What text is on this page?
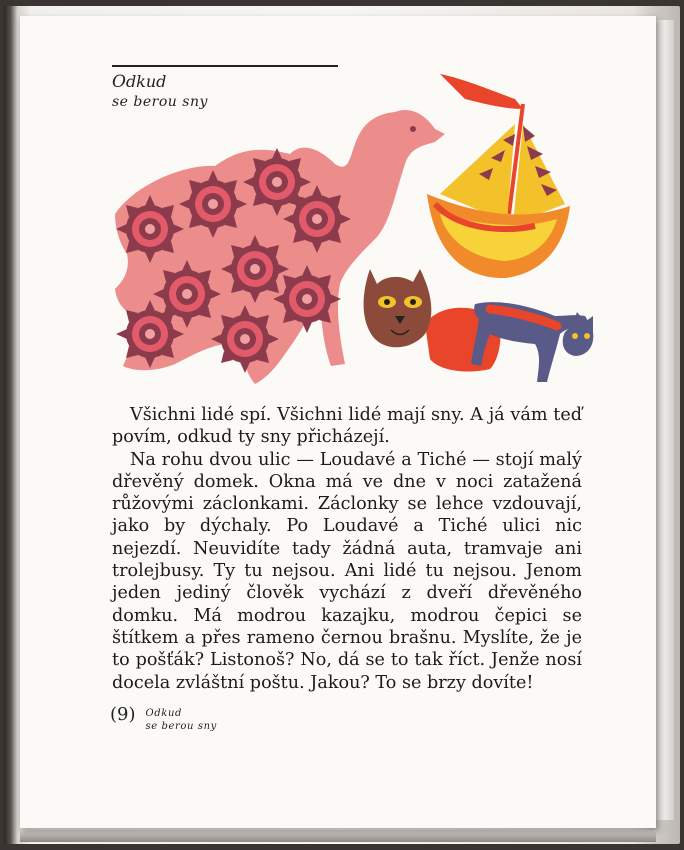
Odkud
se berou sny

Všichni lidé spí. Všichni lidé mají sny. A já vám teď povím, odkud ty sny přicházejí.

Na rohu dvou ulic — Loudavé a Tiché — stojí malý dřevěný domek. Okna má ve dne v noci zatažená růžovými záclonkami. Záclonky se lehce vzdouvají, jako by dýchaly. Po Loudavé a Tiché ulici nic nejezdí. Neuvidíte tady žádná auta, tramvaje ani trolejbusy. Ty tu nejsou. Ani lidé tu nejsou. Jenom jeden jediný člověk vychází z dveří dřevěného domku. Má modrou kazajku, modrou čepici se štítkem a přes rameno černou brašnu. Myslíte, že je to pošťák? Listonoš? No, dá se to tak říct. Jenže nosí docela zvláštní poštu. Jakou? To se brzy dovíte!

(9) Odkud
se berou sny
